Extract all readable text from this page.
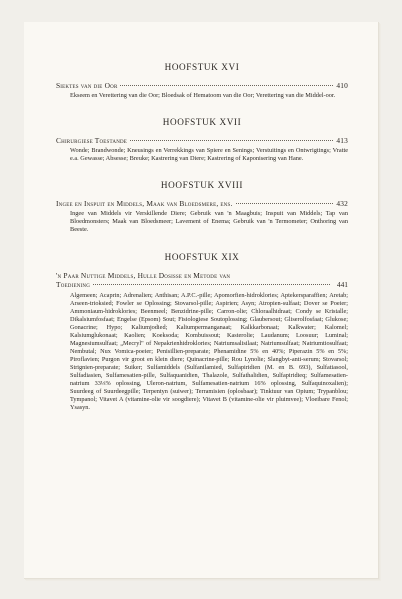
HOOFSTUK XVI
Siektes van die Oor	410
Ekseem en Verettering van die Oor; Bloedsak of Hematoom van die Oor; Verettering van die Middel-oor.
HOOFSTUK XVII
Chirurgiese Toestande	413
Wonde; Brandwonde; Kneusings en Verrekkings van Spiere en Senings; Verstuitings en Ontwrigtings; Vratte e.a. Gewasse; Absesse; Breuke; Kastrering van Diere; Kastrering of Kaponisering van Hane.
HOOFSTUK XVIII
Ingee en Inspuit en Middels, Maak van Bloedsmere, ens.	432
Ingee van Middels vir Verskillende Diere; Gebruik van 'n Maagbuis; Inspuit van Middels; Tap van Bloedmonsters; Maak van Bloedsmeer; Lavement of Enema; Gebruik van 'n Termometer; Onthoring van Beeste.
HOOFSTUK XIX
'n Paar Nuttige Middels, Hulle Dosisse en Metode van
Toediening	441
Algemeen; Acaprin; Adrenalien; Anthisan; A.P.C.-pille; Apomorfien-hidroklories; Aptekersparaffien; Aretab; Arseen-trioksied; Fowler se Oplossing; Stovarsol-pille; Aspirien; Asyn; Atropien-sulfaat; Dover se Poeier; Ammoniaum-hidroklories; Beenmeel; Benzidrine-pille; Carron-olie; Chloraalhidraat; Condy se Kristalle; Dikalsiumfosfaat; Engelse (Epsom) Sout; Fisiologiese Soutoplossing; Glaubersout; Gliserolfosfaat; Glukose; Gonacrine; Hypo; Kaliumjodied; Kaliumpermanganaat; Kalkkarbonaat; Kalkwater; Kalomel; Kalsiumglukonaat; Kaolien; Koeksoda; Kombuissout; Kasterolie; Laudanum; Loosuur; Luminal; Magnesiumsulfaat; „Mecryl" of Nepakrienhidroklories; Natriumsalisilaat; Natriumsulfaat; Natriumtiosulfaat; Nembutal; Nux Vomica-poeier; Penisillien-preparate; Phenamidine 5% en 40%; Piperazin 5% en 5%; Piroflavien; Purgon vir groot en klein diere; Quinacrine-pille; Rou Lynolie; Slangbyt-anti-serum; Stovarsol; Strignien-preparate; Suiker; Sulfamiddels (Sulfanilamied, Sulfapiridien (M. en B. 693), Sulfatiasool, Sulfadiasien, Sulfamesatien-pille, Sulfaquanidien, Thalazole, Sulfathalidien, Sulfapiridieq; Sulfamesatien-natrium 33⅓% oplossing, Uleron-natrium, Sulfamesatien-natrium 16% oplossing, Sulfaquinoxalien); Suurdeeg of Suurdeegpille; Terpentyn (suiwer); Terramisien (oplosbaar); Tinktuur van Opium; Trypanblou; Tympanol; Vitavet A (vitamine-olie vir soogdiere); Vitavet B (vitamine-olie vir pluimvee); Vloeibare Fenol; Ysasyn.
